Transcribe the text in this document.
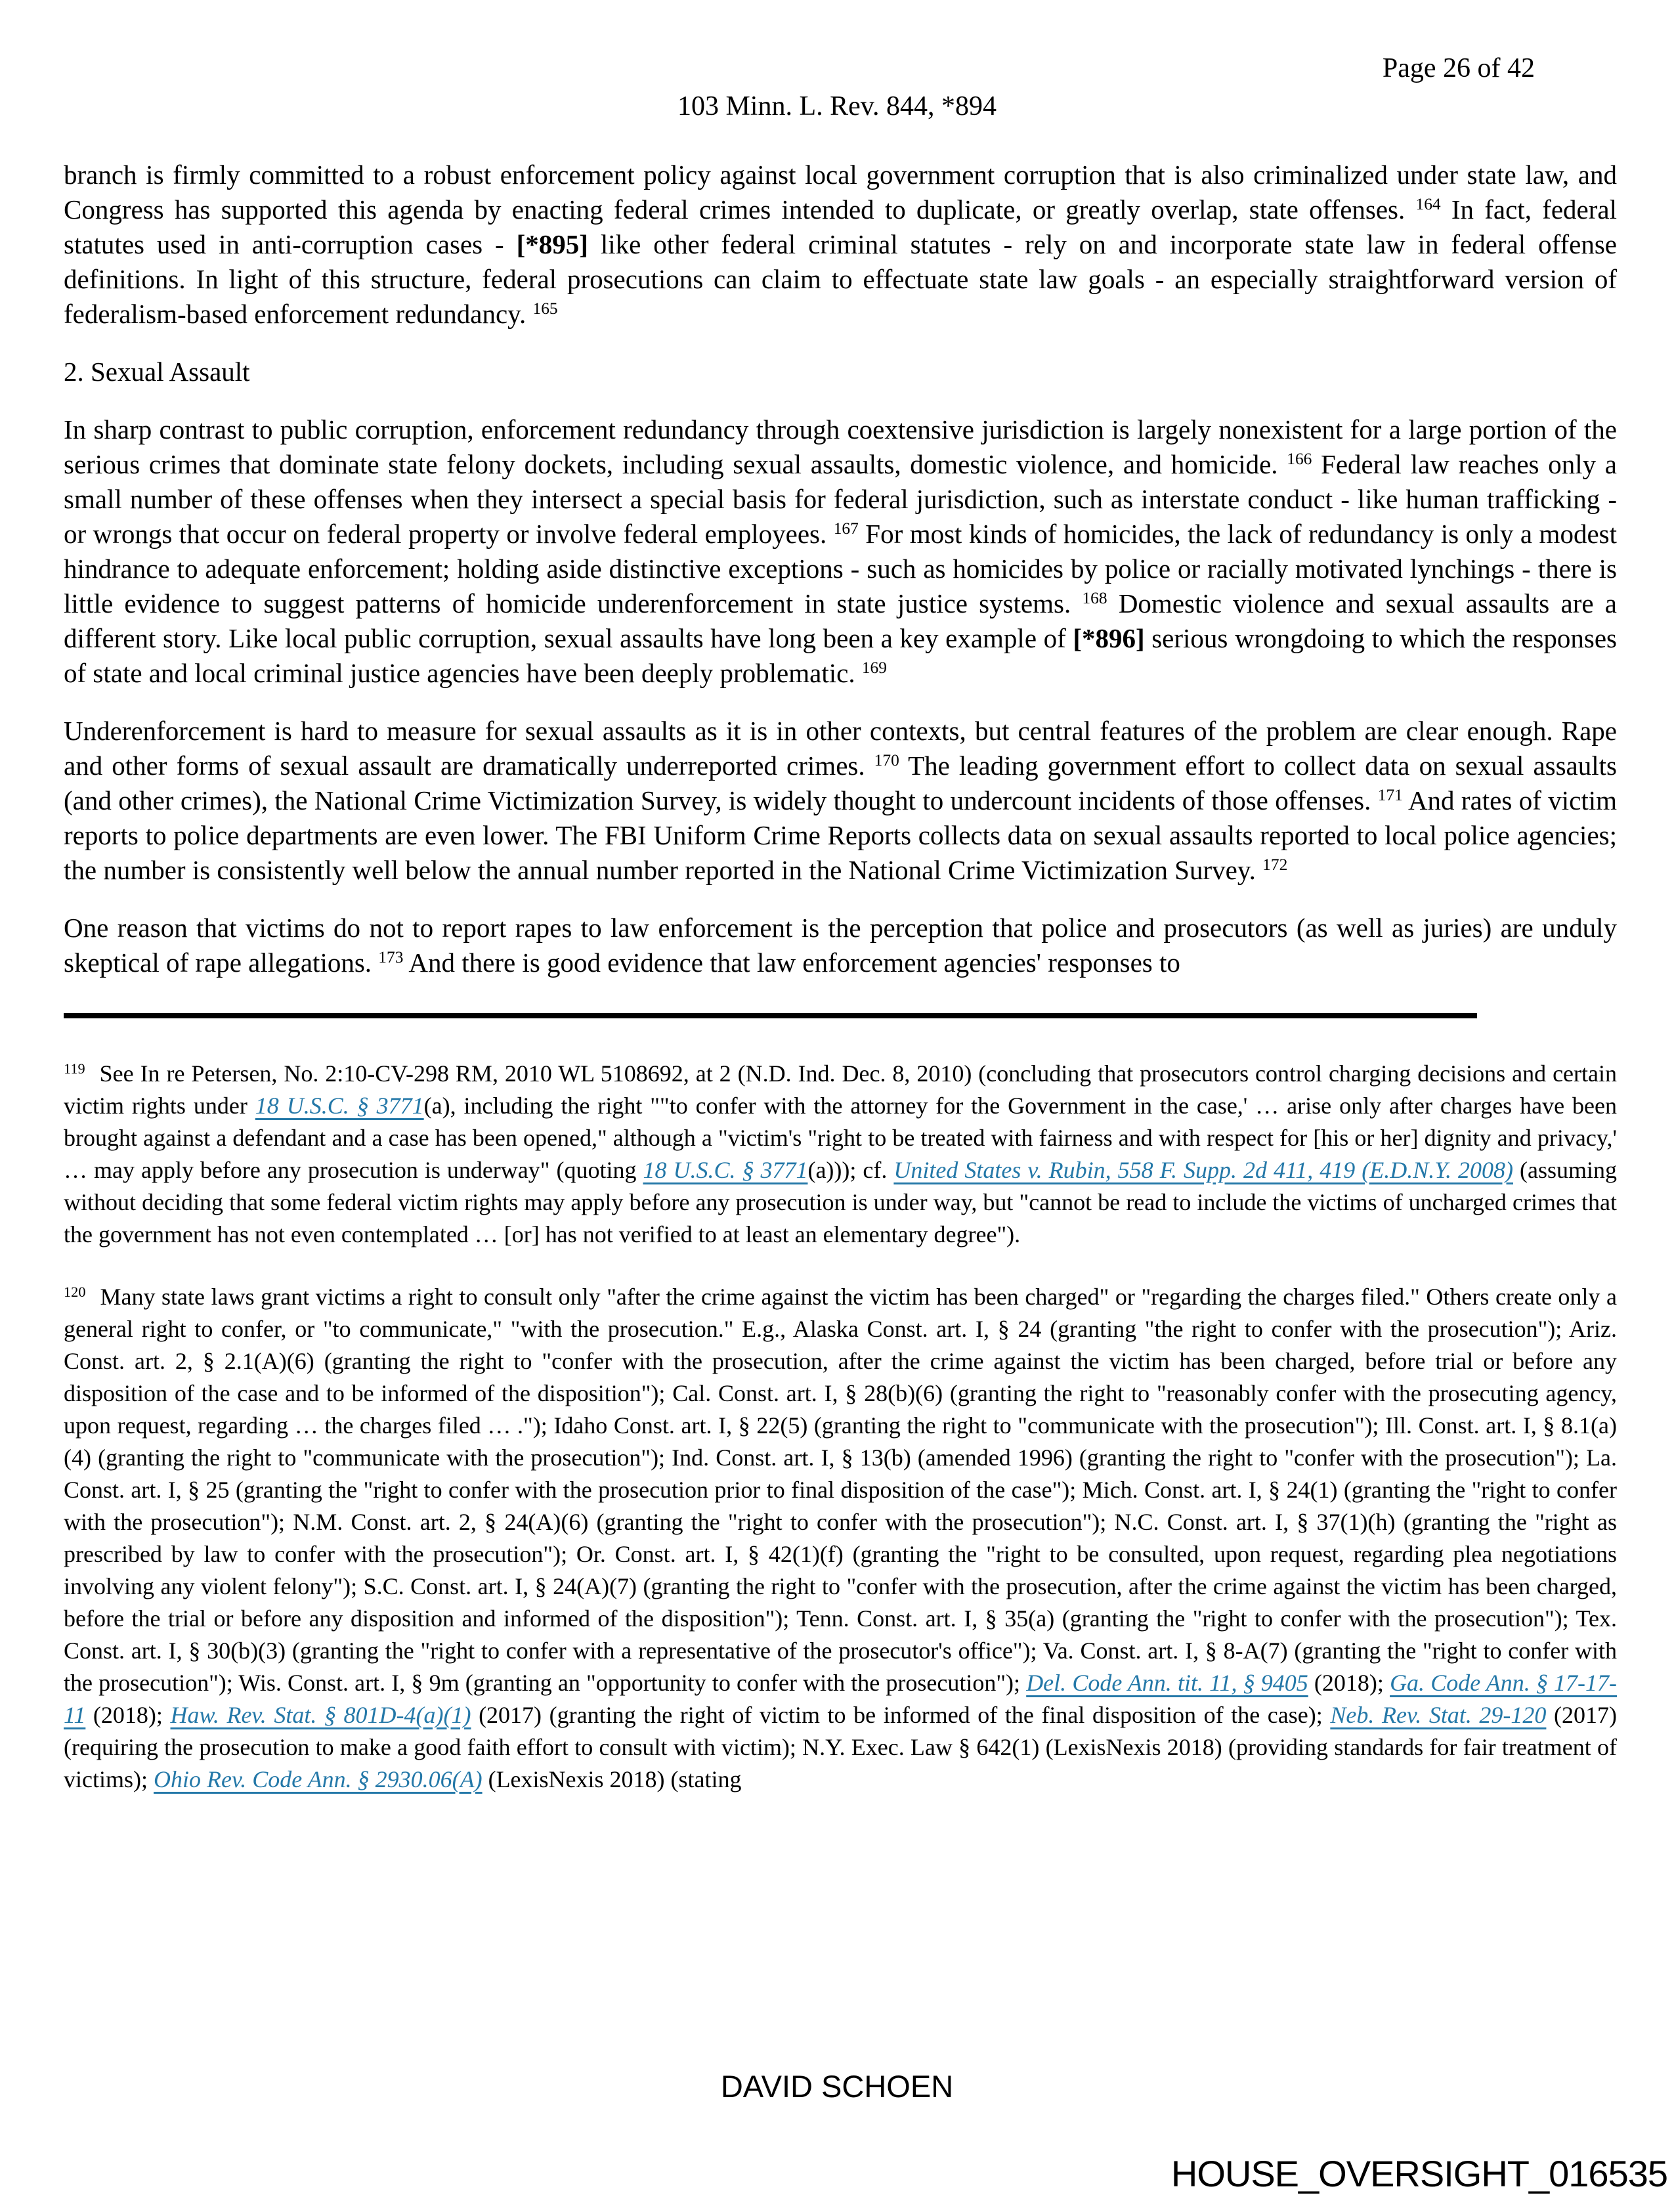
Page 26 of 42
103 Minn. L. Rev. 844, *894

branch is firmly committed to a robust enforcement policy against local government corruption that is also criminalized under state law, and Congress has supported this agenda by enacting federal crimes intended to duplicate, or greatly overlap, state offenses. $^{164}$ In fact, federal statutes used in anti-corruption cases - [*895] like other federal criminal statutes - rely on and incorporate state law in federal offense definitions. In light of this structure, federal prosecutions can claim to effectuate state law goals - an especially straightforward version of federalism-based enforcement redundancy. $^{165}$

2. Sexual Assault

In sharp contrast to public corruption, enforcement redundancy through coextensive jurisdiction is largely nonexistent for a large portion of the serious crimes that dominate state felony dockets, including sexual assaults, domestic violence, and homicide. $^{166}$ Federal law reaches only a small number of these offenses when they intersect a special basis for federal jurisdiction, such as interstate conduct - like human trafficking - or wrongs that occur on federal property or involve federal employees. $^{167}$ For most kinds of homicides, the lack of redundancy is only a modest hindrance to adequate enforcement; holding aside distinctive exceptions - such as homicides by police or racially motivated lynchings - there is little evidence to suggest patterns of homicide underenforcement in state justice systems. $^{168}$ Domestic violence and sexual assaults are a different story. Like local public corruption, sexual assaults have long been a key example of [*896] serious wrongdoing to which the responses of state and local criminal justice agencies have been deeply problematic. $^{169}$

Underenforcement is hard to measure for sexual assaults as it is in other contexts, but central features of the problem are clear enough. Rape and other forms of sexual assault are dramatically underreported crimes. $^{170}$ The leading government effort to collect data on sexual assaults (and other crimes), the National Crime Victimization Survey, is widely thought to undercount incidents of those offenses. $^{171}$ And rates of victim reports to police departments are even lower. The FBI Uniform Crime Reports collects data on sexual assaults reported to local police agencies; the number is consistently well below the annual number reported in the National Crime Victimization Survey. $^{172}$

One reason that victims do not to report rapes to law enforcement is the perception that police and prosecutors (as well as juries) are unduly skeptical of rape allegations. $^{173}$ And there is good evidence that law enforcement agencies' responses to

$^{119}$ See In re Petersen, No. 2:10-CV-298 RM, 2010 WL 5108692, at 2 (N.D. Ind. Dec. 8, 2010) (concluding that prosecutors control charging decisions and certain victim rights under 18 U.S.C. § 3771(a), including the right ""to confer with the attorney for the Government in the case,' … arise only after charges have been brought against a defendant and a case has been opened," although a "victim's "right to be treated with fairness and with respect for [his or her] dignity and privacy,' … may apply before any prosecution is underway" (quoting 18 U.S.C. § 3771(a))); cf. United States v. Rubin, 558 F. Supp. 2d 411, 419 (E.D.N.Y. 2008) (assuming without deciding that some federal victim rights may apply before any prosecution is under way, but "cannot be read to include the victims of uncharged crimes that the government has not even contemplated … [or] has not verified to at least an elementary degree").

$^{120}$ Many state laws grant victims a right to consult only "after the crime against the victim has been charged" or "regarding the charges filed." Others create only a general right to confer, or "to communicate," "with the prosecution." E.g., Alaska Const. art. I, § 24 (granting "the right to confer with the prosecution"); Ariz. Const. art. 2, § 2.1(A)(6) (granting the right to "confer with the prosecution, after the crime against the victim has been charged, before trial or before any disposition of the case and to be informed of the disposition"); Cal. Const. art. I, § 28(b)(6) (granting the right to "reasonably confer with the prosecuting agency, upon request, regarding … the charges filed … ."); Idaho Const. art. I, § 22(5) (granting the right to "communicate with the prosecution"); Ill. Const. art. I, § 8.1(a)(4) (granting the right to "communicate with the prosecution"); Ind. Const. art. I, § 13(b) (amended 1996) (granting the right to "confer with the prosecution"); La. Const. art. I, § 25 (granting the "right to confer with the prosecution prior to final disposition of the case"); Mich. Const. art. I, § 24(1) (granting the "right to confer with the prosecution"); N.M. Const. art. 2, § 24(A)(6) (granting the "right to confer with the prosecution"); N.C. Const. art. I, § 37(1)(h) (granting the "right as prescribed by law to confer with the prosecution"); Or. Const. art. I, § 42(1)(f) (granting the "right to be consulted, upon request, regarding plea negotiations involving any violent felony"); S.C. Const. art. I, § 24(A)(7) (granting the right to "confer with the prosecution, after the crime against the victim has been charged, before the trial or before any disposition and informed of the disposition"); Tenn. Const. art. I, § 35(a) (granting the "right to confer with the prosecution"); Tex. Const. art. I, § 30(b)(3) (granting the "right to confer with a representative of the prosecutor's office"); Va. Const. art. I, § 8-A(7) (granting the "right to confer with the prosecution"); Wis. Const. art. I, § 9m (granting an "opportunity to confer with the prosecution"); Del. Code Ann. tit. 11, § 9405 (2018); Ga. Code Ann. § 17-17-11 (2018); Haw. Rev. Stat. § 801D-4(a)(1) (2017) (granting the right of victim to be informed of the final disposition of the case); Neb. Rev. Stat. 29-120 (2017) (requiring the prosecution to make a good faith effort to consult with victim); N.Y. Exec. Law § 642(1) (LexisNexis 2018) (providing standards for fair treatment of victims); Ohio Rev. Code Ann. § 2930.06(A) (LexisNexis 2018) (stating

DAVID SCHOEN
HOUSE_OVERSIGHT_016535
